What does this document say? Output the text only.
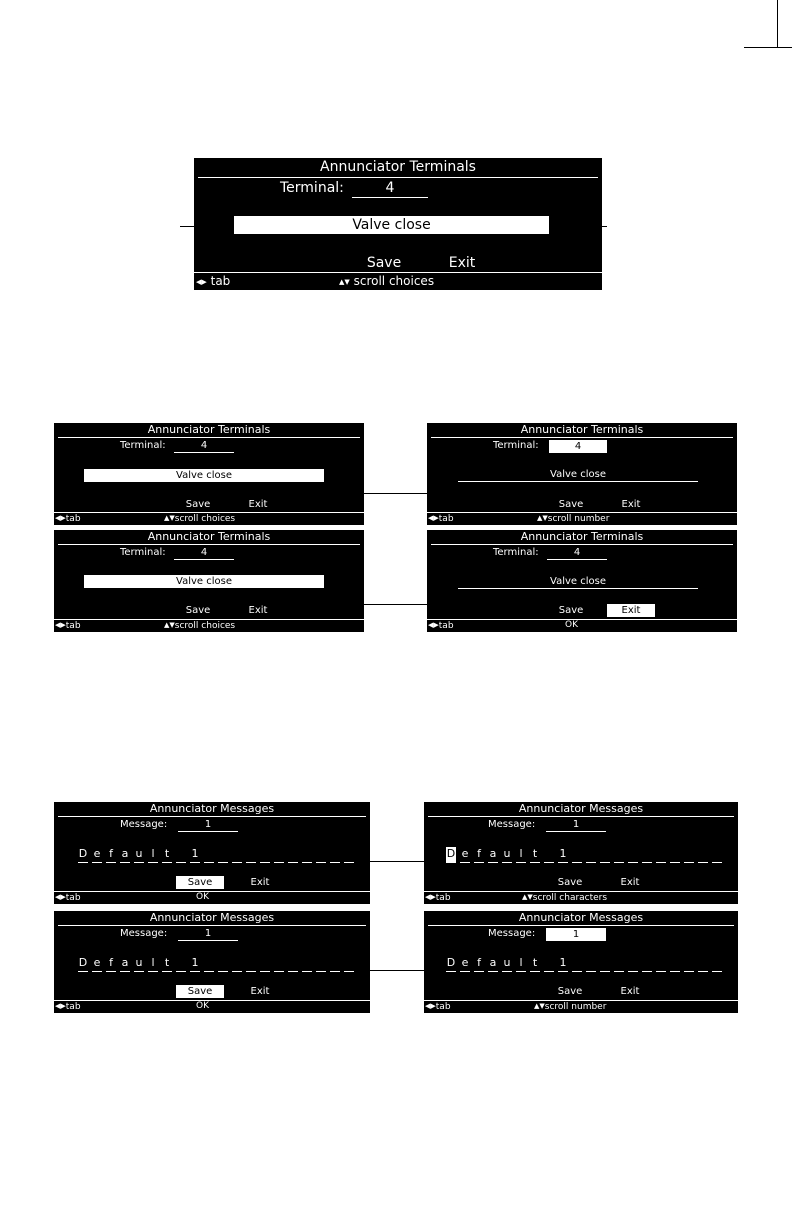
Annunciator Terminals
Terminal:	4
Valve close
Save	Exit
◀▶ tab	▲▼ scroll choices
Annunciator Terminals
Terminal:	4
Valve close
Save	Exit
◀▶tab	▲▼scroll choices
Annunciator Terminals
Terminal:	4
Valve close
Save	Exit
◀▶tab	▲▼scroll number
Annunciator Terminals
Terminal:	4
Valve close
Save	Exit
◀▶tab	▲▼scroll choices
Annunciator Terminals
Terminal:	4
Valve close
Save	Exit
◀▶tab	OK
Annunciator Messages
Message:	1
D e f a u l t 1
Save	Exit
◀▶tab	OK
Annunciator Messages
Message:	1
D e f a u l t 1
Save	Exit
◀▶tab	▲▼scroll characters
Annunciator Messages
Message:	1
D e f a u l t 1
Save	Exit
◀▶tab	OK
Annunciator Messages
Message:	1
D e f a u l t 1
Save	Exit
◀▶tab	▲▼scroll number
